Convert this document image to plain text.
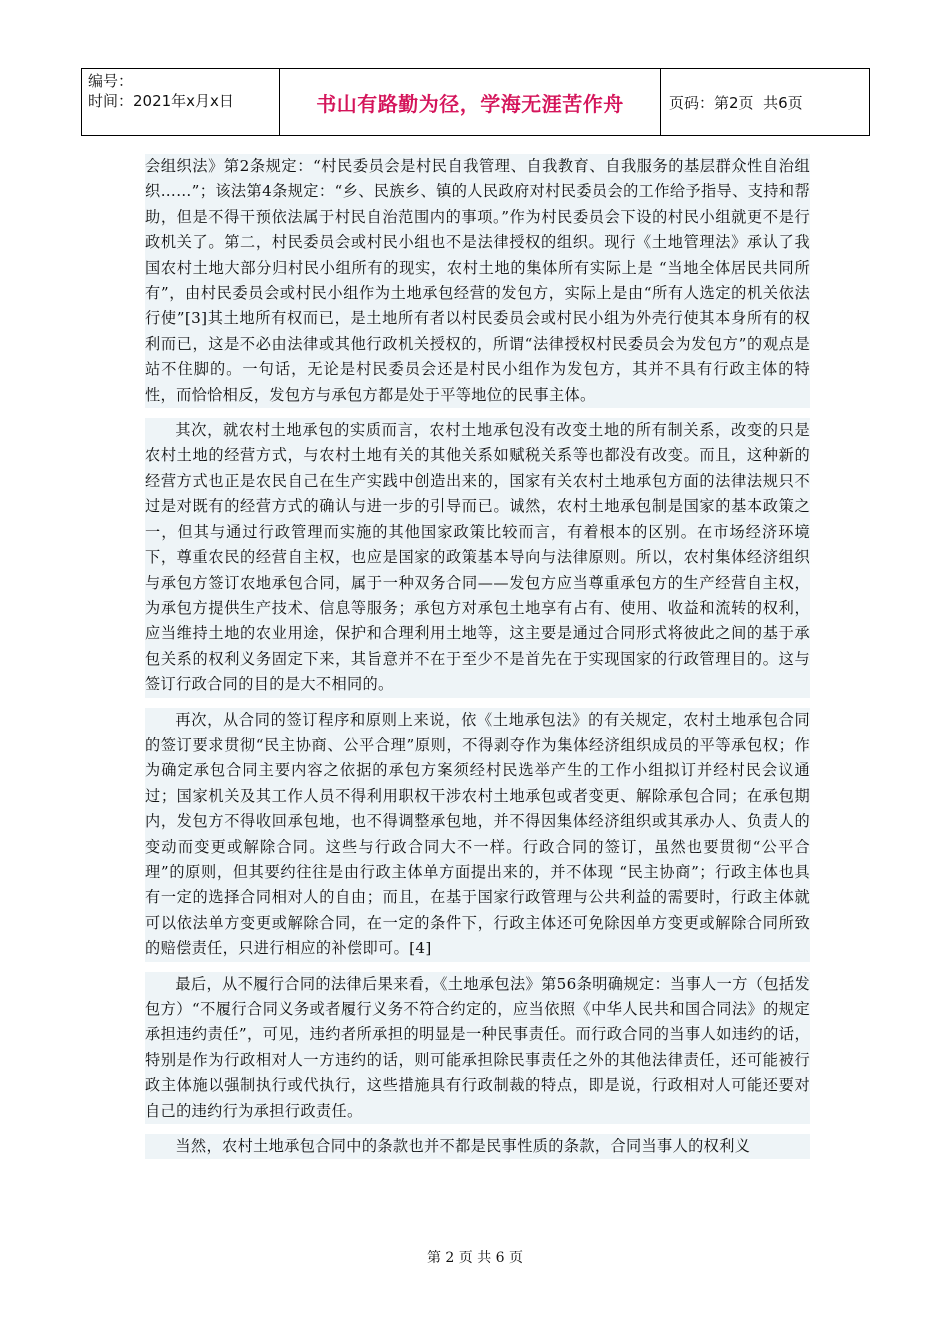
编号：
时间：2021年x月x日	书山有路勤为径，学海无涯苦作舟	页码：第2页  共6页

会组织法》第2条规定：“村民委员会是村民自我管理、自我教育、自我服务的基层群众性自治组织……”；该法第4条规定：“乡、民族乡、镇的人民政府对村民委员会的工作给予指导、支持和帮助，但是不得干预依法属于村民自治范围内的事项。”作为村民委员会下设的村民小组就更不是行政机关了。第二，村民委员会或村民小组也不是法律授权的组织。现行《土地管理法》承认了我国农村土地大部分归村民小组所有的现实，农村土地的集体所有实际上是 “当地全体居民共同所有”，由村民委员会或村民小组作为土地承包经营的发包方，实际上是由“所有人选定的机关依法行使”[3]其土地所有权而已，是土地所有者以村民委员会或村民小组为外壳行使其本身所有的权利而已，这是不必由法律或其他行政机关授权的，所谓“法律授权村民委员会为发包方”的观点是站不住脚的。一句话，无论是村民委员会还是村民小组作为发包方，其并不具有行政主体的特性，而恰恰相反，发包方与承包方都是处于平等地位的民事主体。

其次，就农村土地承包的实质而言，农村土地承包没有改变土地的所有制关系，改变的只是农村土地的经营方式，与农村土地有关的其他关系如赋税关系等也都没有改变。而且，这种新的经营方式也正是农民自己在生产实践中创造出来的，国家有关农村土地承包方面的法律法规只不过是对既有的经营方式的确认与进一步的引导而已。诚然，农村土地承包制是国家的基本政策之一，但其与通过行政管理而实施的其他国家政策比较而言，有着根本的区别。在市场经济环境下，尊重农民的经营自主权，也应是国家的政策基本导向与法律原则。所以，农村集体经济组织与承包方签订农地承包合同，属于一种双务合同——发包方应当尊重承包方的生产经营自主权，为承包方提供生产技术、信息等服务；承包方对承包土地享有占有、使用、收益和流转的权利，应当维持土地的农业用途，保护和合理利用土地等，这主要是通过合同形式将彼此之间的基于承包关系的权利义务固定下来，其旨意并不在于至少不是首先在于实现国家的行政管理目的。这与签订行政合同的目的是大不相同的。

再次，从合同的签订程序和原则上来说，依《土地承包法》的有关规定，农村土地承包合同的签订要求贯彻“民主协商、公平合理”原则，不得剥夺作为集体经济组织成员的平等承包权；作为确定承包合同主要内容之依据的承包方案须经村民选举产生的工作小组拟订并经村民会议通过；国家机关及其工作人员不得利用职权干涉农村土地承包或者变更、解除承包合同；在承包期内，发包方不得收回承包地，也不得调整承包地，并不得因集体经济组织或其承办人、负责人的变动而变更或解除合同。这些与行政合同大不一样。行政合同的签订，虽然也要贯彻“公平合理”的原则，但其要约往往是由行政主体单方面提出来的，并不体现 “民主协商”；行政主体也具有一定的选择合同相对人的自由；而且，在基于国家行政管理与公共利益的需要时，行政主体就可以依法单方变更或解除合同，在一定的条件下，行政主体还可免除因单方变更或解除合同所致的赔偿责任，只进行相应的补偿即可。[4]

最后，从不履行合同的法律后果来看，《土地承包法》第56条明确规定：当事人一方（包括发包方）“不履行合同义务或者履行义务不符合约定的，应当依照《中华人民共和国合同法》的规定承担违约责任”，可见，违约者所承担的明显是一种民事责任。而行政合同的当事人如违约的话，特别是作为行政相对人一方违约的话，则可能承担除民事责任之外的其他法律责任，还可能被行政主体施以强制执行或代执行，这些措施具有行政制裁的特点，即是说，行政相对人可能还要对自己的违约行为承担行政责任。

当然，农村土地承包合同中的条款也并不都是民事性质的条款，合同当事人的权利义

第 2 页 共 6 页
